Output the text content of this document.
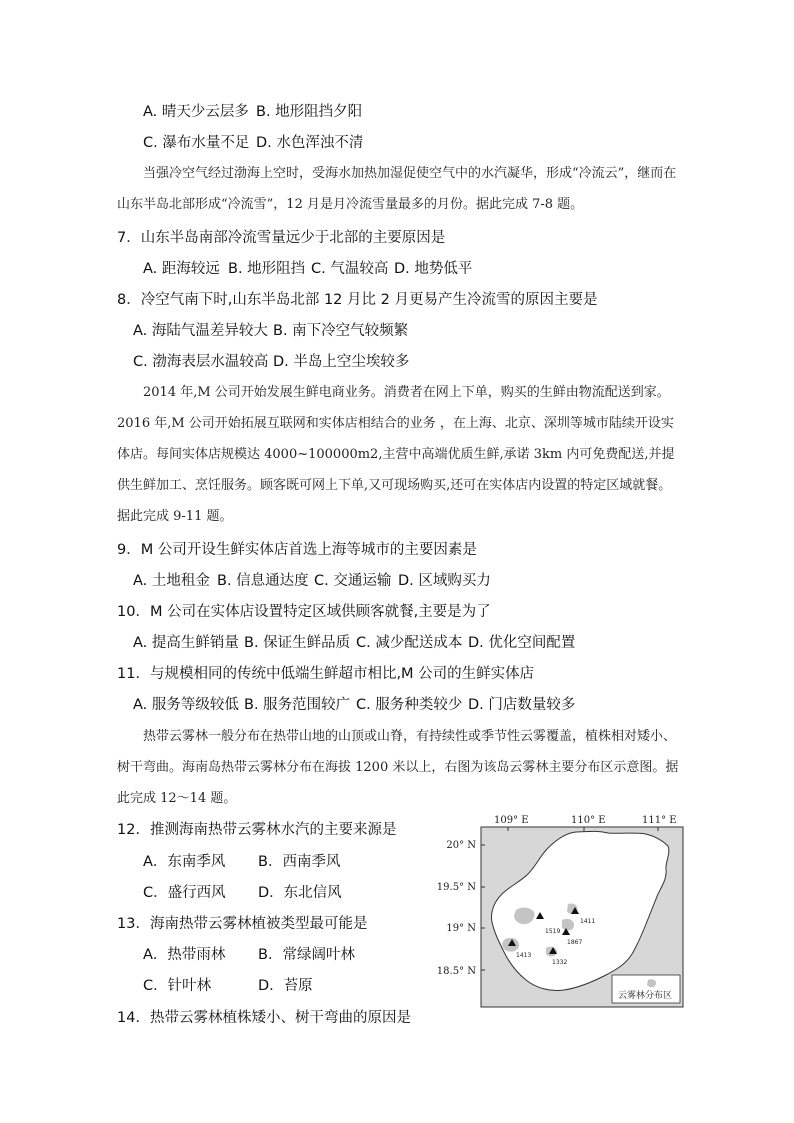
A. 晴天少云层多 B. 地形阻挡夕阳
C. 瀑布水量不足 D. 水色浑浊不清
当强冷空气经过渤海上空时，受海水加热加湿促使空气中的水汽凝华，形成“冷流云”，继而在山东半岛北部形成“冷流雪”，12 月是月冷流雪量最多的月份。据此完成 7-8 题。
7．山东半岛南部冷流雪量远少于北部的主要原因是
A. 距海较远 B. 地形阻挡 C. 气温较高 D. 地势低平
8．冷空气南下时,山东半岛北部 12 月比 2 月更易产生冷流雪的原因主要是
A. 海陆气温差异较大 B. 南下冷空气较频繁
C. 渤海表层水温较高 D. 半岛上空尘埃较多
2014 年,M 公司开始发展生鲜电商业务。消费者在网上下单，购买的生鲜由物流配送到家。2016 年,M 公司开始拓展互联网和实体店相结合的业务 ，在上海、北京、深圳等城市陆续开设实体店。每间实体店规模达 4000~100000m2,主营中高端优质生鲜,承诺 3km 内可免费配送,并提供生鲜加工、烹饪服务。顾客既可网上下单,又可现场购买,还可在实体店内设置的特定区域就餐。据此完成 9-11 题。
9．M 公司开设生鲜实体店首选上海等城市的主要因素是
A. 土地租金 B. 信息通达度 C. 交通运输 D. 区域购买力
10．M 公司在实体店设置特定区域供顾客就餐,主要是为了
A. 提高生鲜销量 B. 保证生鲜品质 C. 减少配送成本 D. 优化空间配置
11．与规模相同的传统中低端生鲜超市相比,M 公司的生鲜实体店
A. 服务等级较低 B. 服务范围较广 C. 服务种类较少 D. 门店数量较多
热带云雾林一般分布在热带山地的山顶或山脊，有持续性或季节性云雾覆盖，植株相对矮小、树干弯曲。海南岛热带云雾林分布在海拔 1200 米以上，右图为该岛云雾林主要分布区示意图。据此完成 12～14 题。
12．推测海南热带云雾林水汽的主要来源是
A．东南季风 B．西南季风
C．盛行西风 D．东北信风
13．海南热带云雾林植被类型最可能是
A．热带雨林 B．常绿阔叶林
C．针叶林	D．苔原
14．热带云雾林植株矮小、树干弯曲的原因是
109° E	110° E	111° E
20° N
19.5° N
19° N
18.5° N
1411
1519
1867
1413
1332
云雾林分布区
